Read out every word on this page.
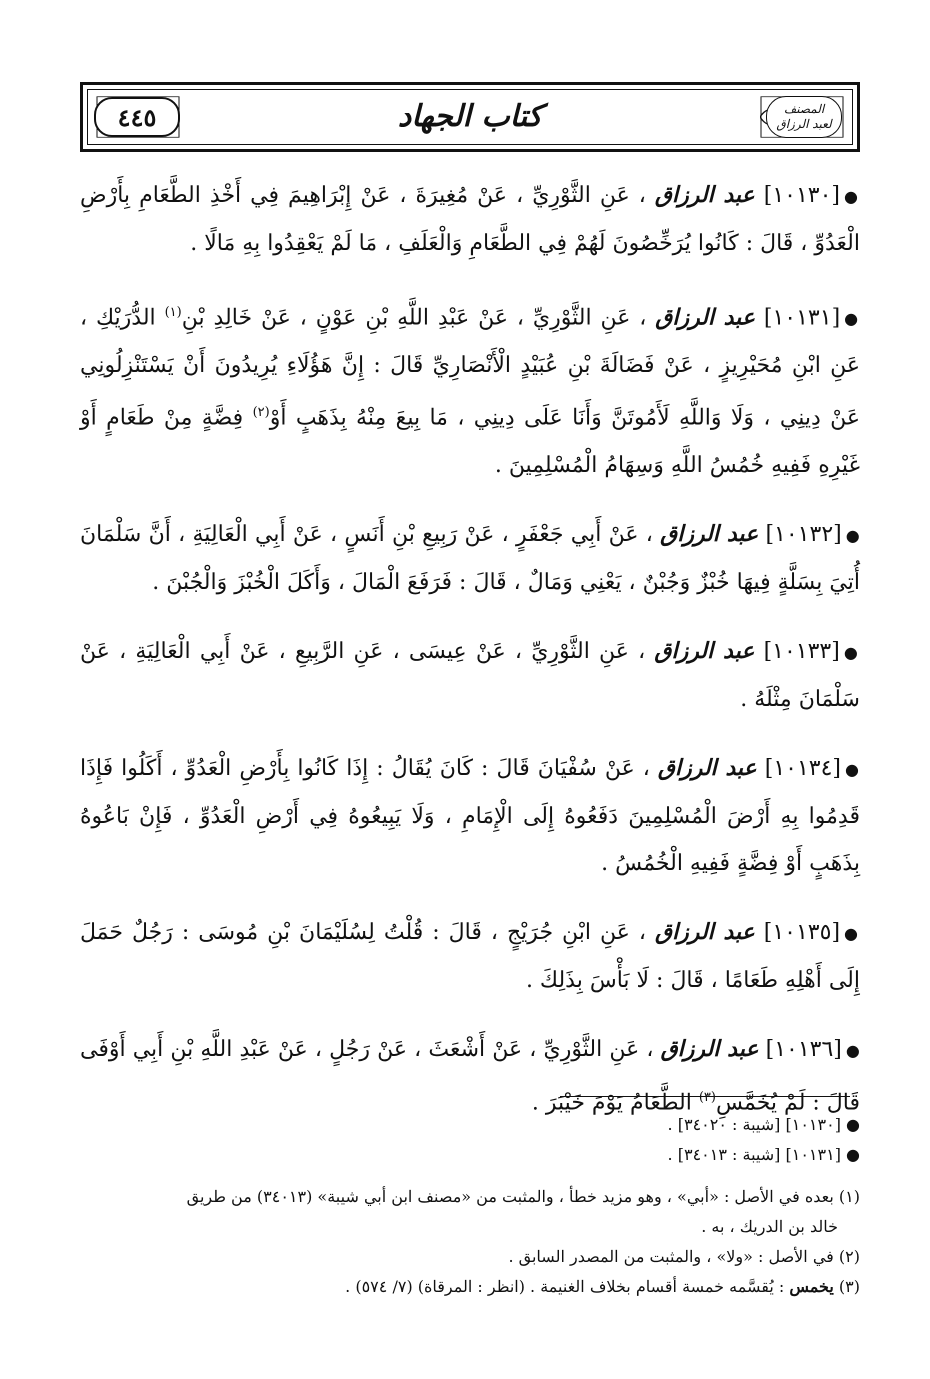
٤٤٥	المصنف
لعبد الرزاق
كتاب الجهاد

●[١٠١٣٠] عبد الرزاق ، عَنِ الثَّوْرِيِّ ، عَنْ مُغِيرَةَ ، عَنْ إِبْرَاهِيمَ فِي أَخْذِ الطَّعَامِ بِأَرْضِ الْعَدُوِّ ، قَالَ : كَانُوا يُرَخِّصُونَ لَهُمْ فِي الطَّعَامِ وَالْعَلَفِ ، مَا لَمْ يَعْقِدُوا بِهِ مَالًا .

●[١٠١٣١] عبد الرزاق ، عَنِ الثَّوْرِيِّ ، عَنْ عَبْدِ اللَّهِ بْنِ عَوْنٍ ، عَنْ خَالِدِ بْنِ$^{(١)}$ الدُّرَيْكِ ، عَنِ ابْنِ مُحَيْرِيزٍ ، عَنْ فَضَالَةَ بْنِ عُبَيْدٍ الْأَنْصَارِيِّ قَالَ : إِنَّ هَؤُلَاءِ يُرِيدُونَ أَنْ يَسْتَنْزِلُونِي عَنْ دِينِي ، وَلَا وَاللَّهِ لَأَمُوتَنَّ وَأَنَا عَلَى دِينِي ، مَا بِيعَ مِنْهُ بِذَهَبٍ أَوْ$^{(٢)}$ فِضَّةٍ مِنْ طَعَامٍ أَوْ غَيْرِهِ فَفِيهِ خُمُسُ اللَّهِ وَسِهَامُ الْمُسْلِمِينَ .

●[١٠١٣٢] عبد الرزاق ، عَنْ أَبِي جَعْفَرٍ ، عَنْ رَبِيعِ بْنِ أَنَسٍ ، عَنْ أَبِي الْعَالِيَةِ ، أَنَّ سَلْمَانَ أُتِيَ بِسَلَّةٍ فِيهَا خُبْزٌ وَجُبْنٌ ، يَعْنِي وَمَالٌ ، قَالَ : فَرَفَعَ الْمَالَ ، وَأَكَلَ الْخُبْزَ وَالْجُبْنَ .

●[١٠١٣٣] عبد الرزاق ، عَنِ الثَّوْرِيِّ ، عَنْ عِيسَى ، عَنِ الرَّبِيعِ ، عَنْ أَبِي الْعَالِيَةِ ، عَنْ سَلْمَانَ مِثْلَهُ .

●[١٠١٣٤] عبد الرزاق ، عَنْ سُفْيَانَ قَالَ : كَانَ يُقَالُ : إِذَا كَانُوا بِأَرْضِ الْعَدُوِّ ، أَكَلُوا فَإِذَا قَدِمُوا بِهِ أَرْضَ الْمُسْلِمِينَ دَفَعُوهُ إِلَى الْإِمَامِ ، وَلَا يَبِيعُوهُ فِي أَرْضِ الْعَدُوِّ ، فَإِنْ بَاعُوهُ بِذَهَبٍ أَوْ فِضَّةٍ فَفِيهِ الْخُمُسُ .

●[١٠١٣٥] عبد الرزاق ، عَنِ ابْنِ جُرَيْجٍ ، قَالَ : قُلْتُ لِسُلَيْمَانَ بْنِ مُوسَى : رَجُلٌ حَمَلَ إِلَى أَهْلِهِ طَعَامًا ، قَالَ : لَا بَأْسَ بِذَلِكَ .

●[١٠١٣٦] عبد الرزاق ، عَنِ الثَّوْرِيِّ ، عَنْ أَشْعَثَ ، عَنْ رَجُلٍ ، عَنْ عَبْدِ اللَّهِ بْنِ أَبِي أَوْفَى قَالَ : لَمْ يُخَمَّسِ$^{(٣)}$ الطَّعَامُ يَوْمَ خَيْبَرَ .

● [١٠١٣٠] [شيبة : ٣٤٠٢٠] .
● [١٠١٣١] [شيبة : ٣٤٠١٣] .
(١) بعده في الأصل : «أبي» ، وهو مزيد خطأ ، والمثبت من «مصنف ابن أبي شيبة» (٣٤٠١٣) من طريق
خالد بن الدريك ، به .
(٢) في الأصل : «ولا» ، والمثبت من المصدر السابق .
(٣) يخمس : يُقسَّمه خمسة أقسام بخلاف الغنيمة . (انظر : المرقاة) (٧/ ٥٧٤) .
